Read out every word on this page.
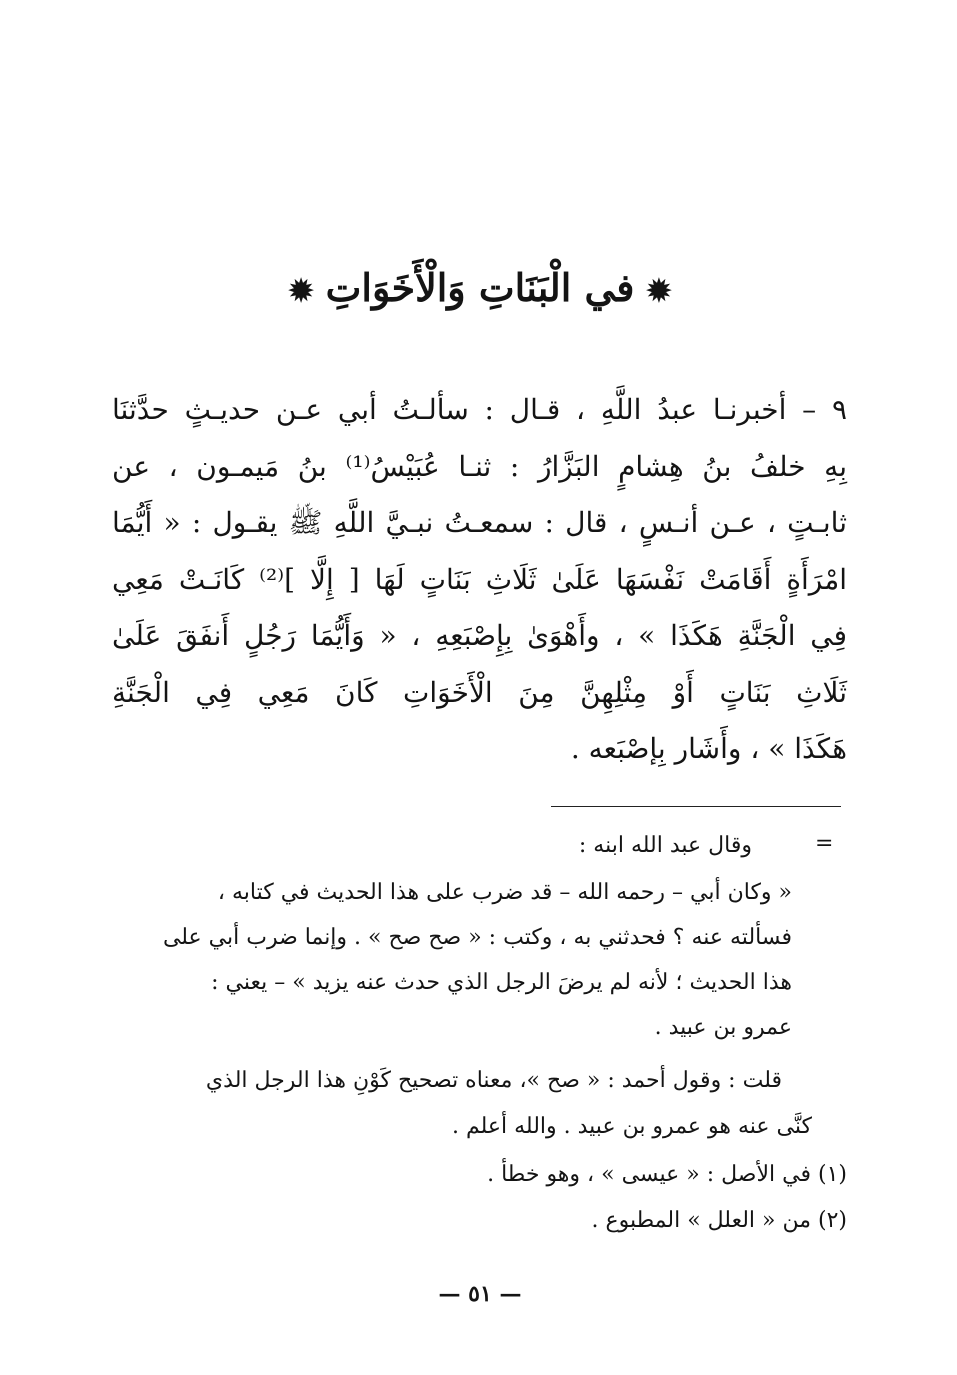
✹في الْبَنَاتِ وَالْأَخَوَاتِ✹
٩ – أخبرنـا عبدُ اللَّهِ ، قـال : سألـتُ أبي عـن حديـثٍ حدَّثنَا
بِهِ خلفُ بنُ هِشامٍ البَزَّارُ : ثنـا عُبَيْسُ⁽¹⁾ بنُ مَيمـون ، عن
ثابـتٍ ، عـن أنـسٍ ، قال : سمعـتُ نبـيَّ اللَّهِ ﷺ يقـول : « أَيُّمَا
امْرَأَةٍ أَقَامَتْ نَفْسَهَا عَلَىٰ ثَلَاثِ بَنَاتٍ لَهَا [ إِلَّا ]⁽²⁾ كَانَـتْ مَعِي
فِي الْجَنَّةِ هَكَذَا » ، وأَهْوَىٰ بِإِصْبَعِهِ ، « وَأَيُّمَا رَجُلٍ أَنفَقَ عَلَىٰ
ثَلَاثِ بَنَاتٍ أَوْ مِثْلِهِنَّ مِنَ الْأَخَوَاتِ كَانَ مَعِي فِي الْجَنَّةِ
هَكَذَا » ، وأَشَار بِإصْبَعه .
=
وقال عبد الله ابنه :
« وكان أبي – رحمه الله – قد ضرب على هذا الحديث في كتابه ،
فسألته عنه ؟ فحدثني به ، وكتب : « صح صح » . وإنما ضرب أبي على
هذا الحديث ؛ لأنه لم يرضَ الرجل الذي حدث عنه يزيد » – يعني :
عمرو بن عبيد .
قلت : وقول أحمد : « صح »، معناه تصحيح كَوْنِ هذا الرجل الذي
كنَّى عنه هو عمرو بن عبيد . والله أعلم .
(١) في الأصل : « عيسى » ، وهو خطأ .
(٢) من « العلل » المطبوع .
— ٥١ —
